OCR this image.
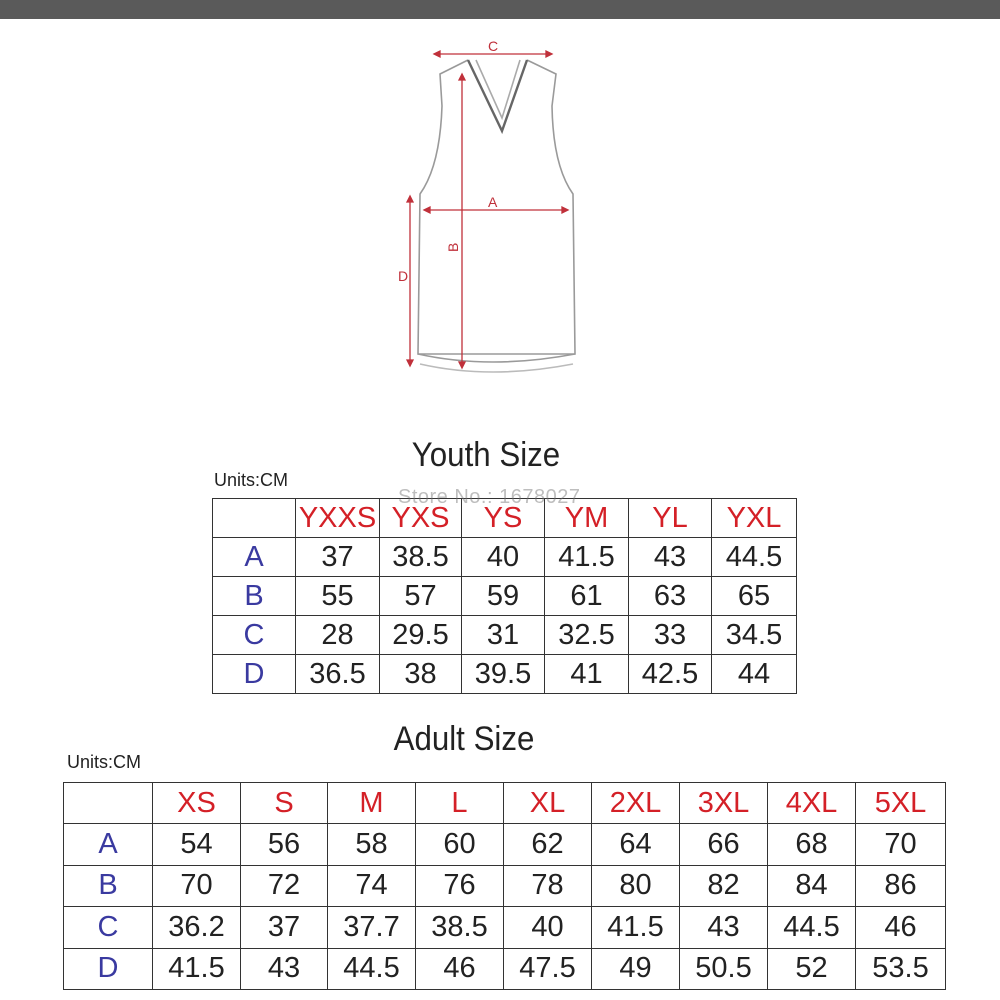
C
A
B
D
Youth Size
Units:CM
	YXXS	YXS	YS	YM	YL	YXL
A	37	38.5	40	41.5	43	44.5
B	55	57	59	61	63	65
C	28	29.5	31	32.5	33	34.5
D	36.5	38	39.5	41	42.5	44
Store No.: 1678027
Adult Size
Units:CM
	XS	S	M	L	XL	2XL	3XL	4XL	5XL
A	54	56	58	60	62	64	66	68	70
B	70	72	74	76	78	80	82	84	86
C	36.2	37	37.7	38.5	40	41.5	43	44.5	46
D	41.5	43	44.5	46	47.5	49	50.5	52	53.5
